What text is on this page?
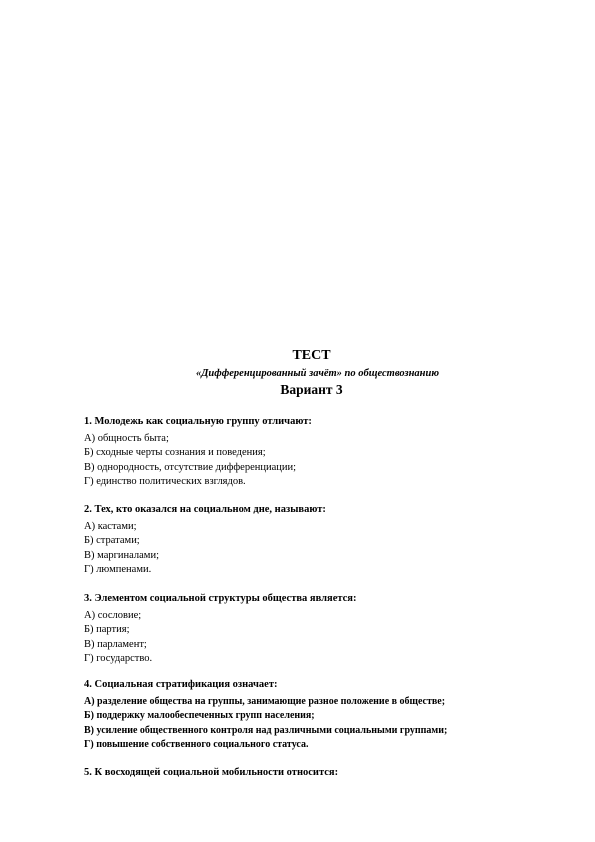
ТЕСТ
«Дифференцированный зачёт» по обществознанию
Вариант 3
1. Молодежь как социальную группу отличают:
А) общность быта;
Б) сходные черты сознания и поведения;
В) однородность, отсутствие дифференциации;
Г) единство политических взглядов.
2. Тех, кто оказался на социальном дне, называют:
А) кастами;
Б) стратами;
В) маргиналами;
Г) люмпенами.
3. Элементом социальной структуры общества является:
А) сословие;
Б) партия;
В) парламент;
Г) государство.
4. Социальная стратификация означает:
А) разделение общества на группы, занимающие разное положение в обществе;
Б) поддержку малообеспеченных групп населения;
В) усиление общественного контроля над различными социальными группами;
Г) повышение собственного социального статуса.
5. К восходящей социальной мобильности относится:
